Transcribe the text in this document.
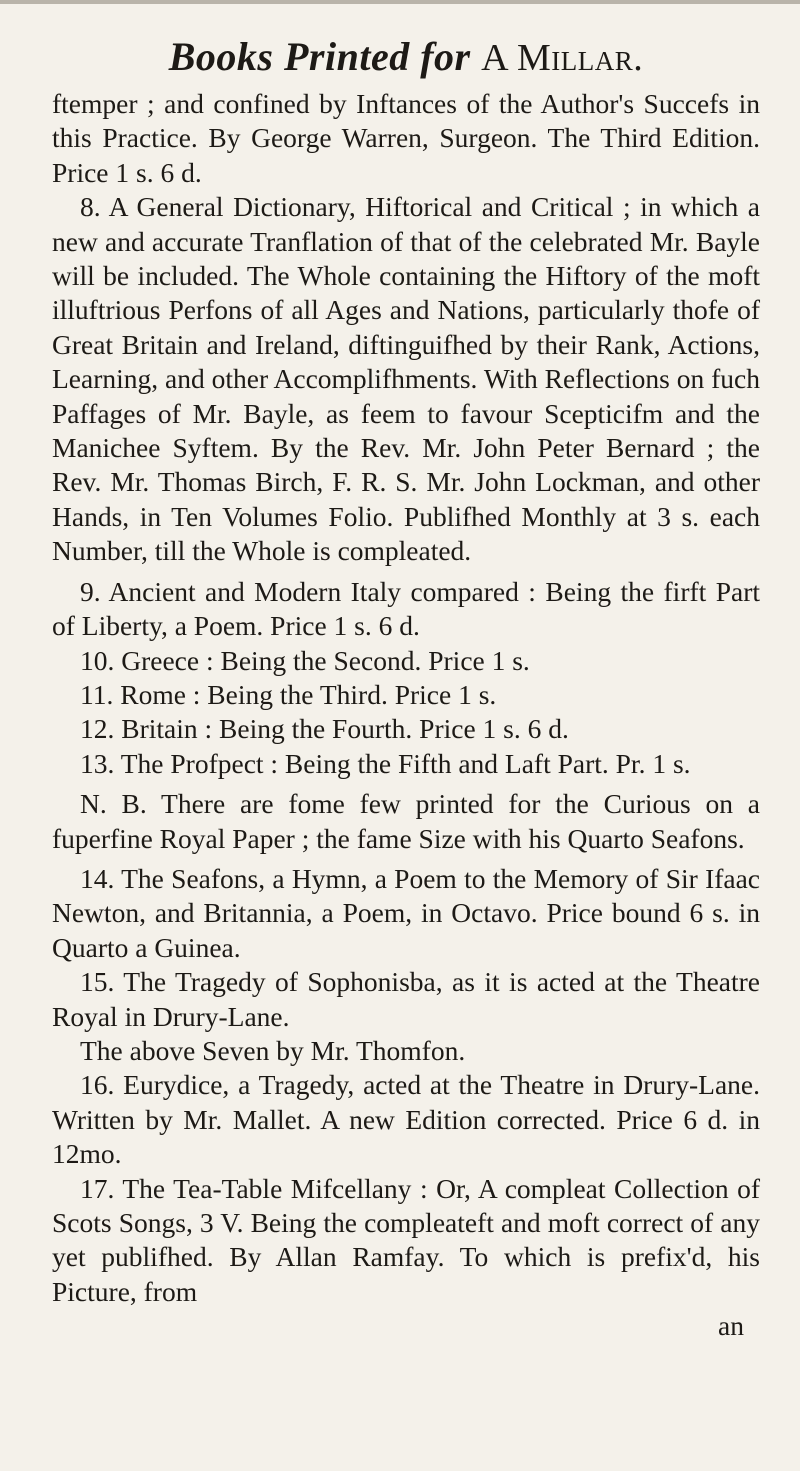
Books Printed for A Millar.

ftemper ; and confined by Inftances of the Author's Succefs in this Practice. By George Warren, Surgeon. The Third Edition. Price 1 s. 6 d.

8. A General Dictionary, Hiftorical and Critical ; in which a new and accurate Tranflation of that of the celebrated Mr. Bayle will be included. The Whole containing the Hiftory of the moft illuftrious Perfons of all Ages and Nations, particularly thofe of Great Britain and Ireland, diftinguifhed by their Rank, Actions, Learning, and other Accomplifhments. With Reflections on fuch Paffages of Mr. Bayle, as feem to favour Scepticifm and the Manichee Syftem. By the Rev. Mr. John Peter Bernard ; the Rev. Mr. Thomas Birch, F. R. S. Mr. John Lockman, and other Hands, in Ten Volumes Folio. Publifhed Monthly at 3 s. each Number, till the Whole is compleated.

9. Ancient and Modern Italy compared : Being the firft Part of Liberty, a Poem. Price 1 s. 6 d.

10. Greece : Being the Second. Price 1 s.

11. Rome : Being the Third. Price 1 s.

12. Britain : Being the Fourth. Price 1 s. 6 d.

13. The Profpect : Being the Fifth and Laft Part. Pr. 1 s.

N. B. There are fome few printed for the Curious on a fuperfine Royal Paper ; the fame Size with his Quarto Seafons.

14. The Seafons, a Hymn, a Poem to the Memory of Sir Ifaac Newton, and Britannia, a Poem, in Octavo. Price bound 6 s. in Quarto a Guinea.

15. The Tragedy of Sophonisba, as it is acted at the Theatre Royal in Drury-Lane.

The above Seven by Mr. Thomfon.

16. Eurydice, a Tragedy, acted at the Theatre in Drury-Lane. Written by Mr. Mallet. A new Edition corrected. Price 6 d. in 12mo.

17. The Tea-Table Mifcellany : Or, A compleat Collection of Scots Songs, 3 V. Being the compleateft and moft correct of any yet publifhed. By Allan Ramfay. To which is prefix'd, his Picture, from

an
